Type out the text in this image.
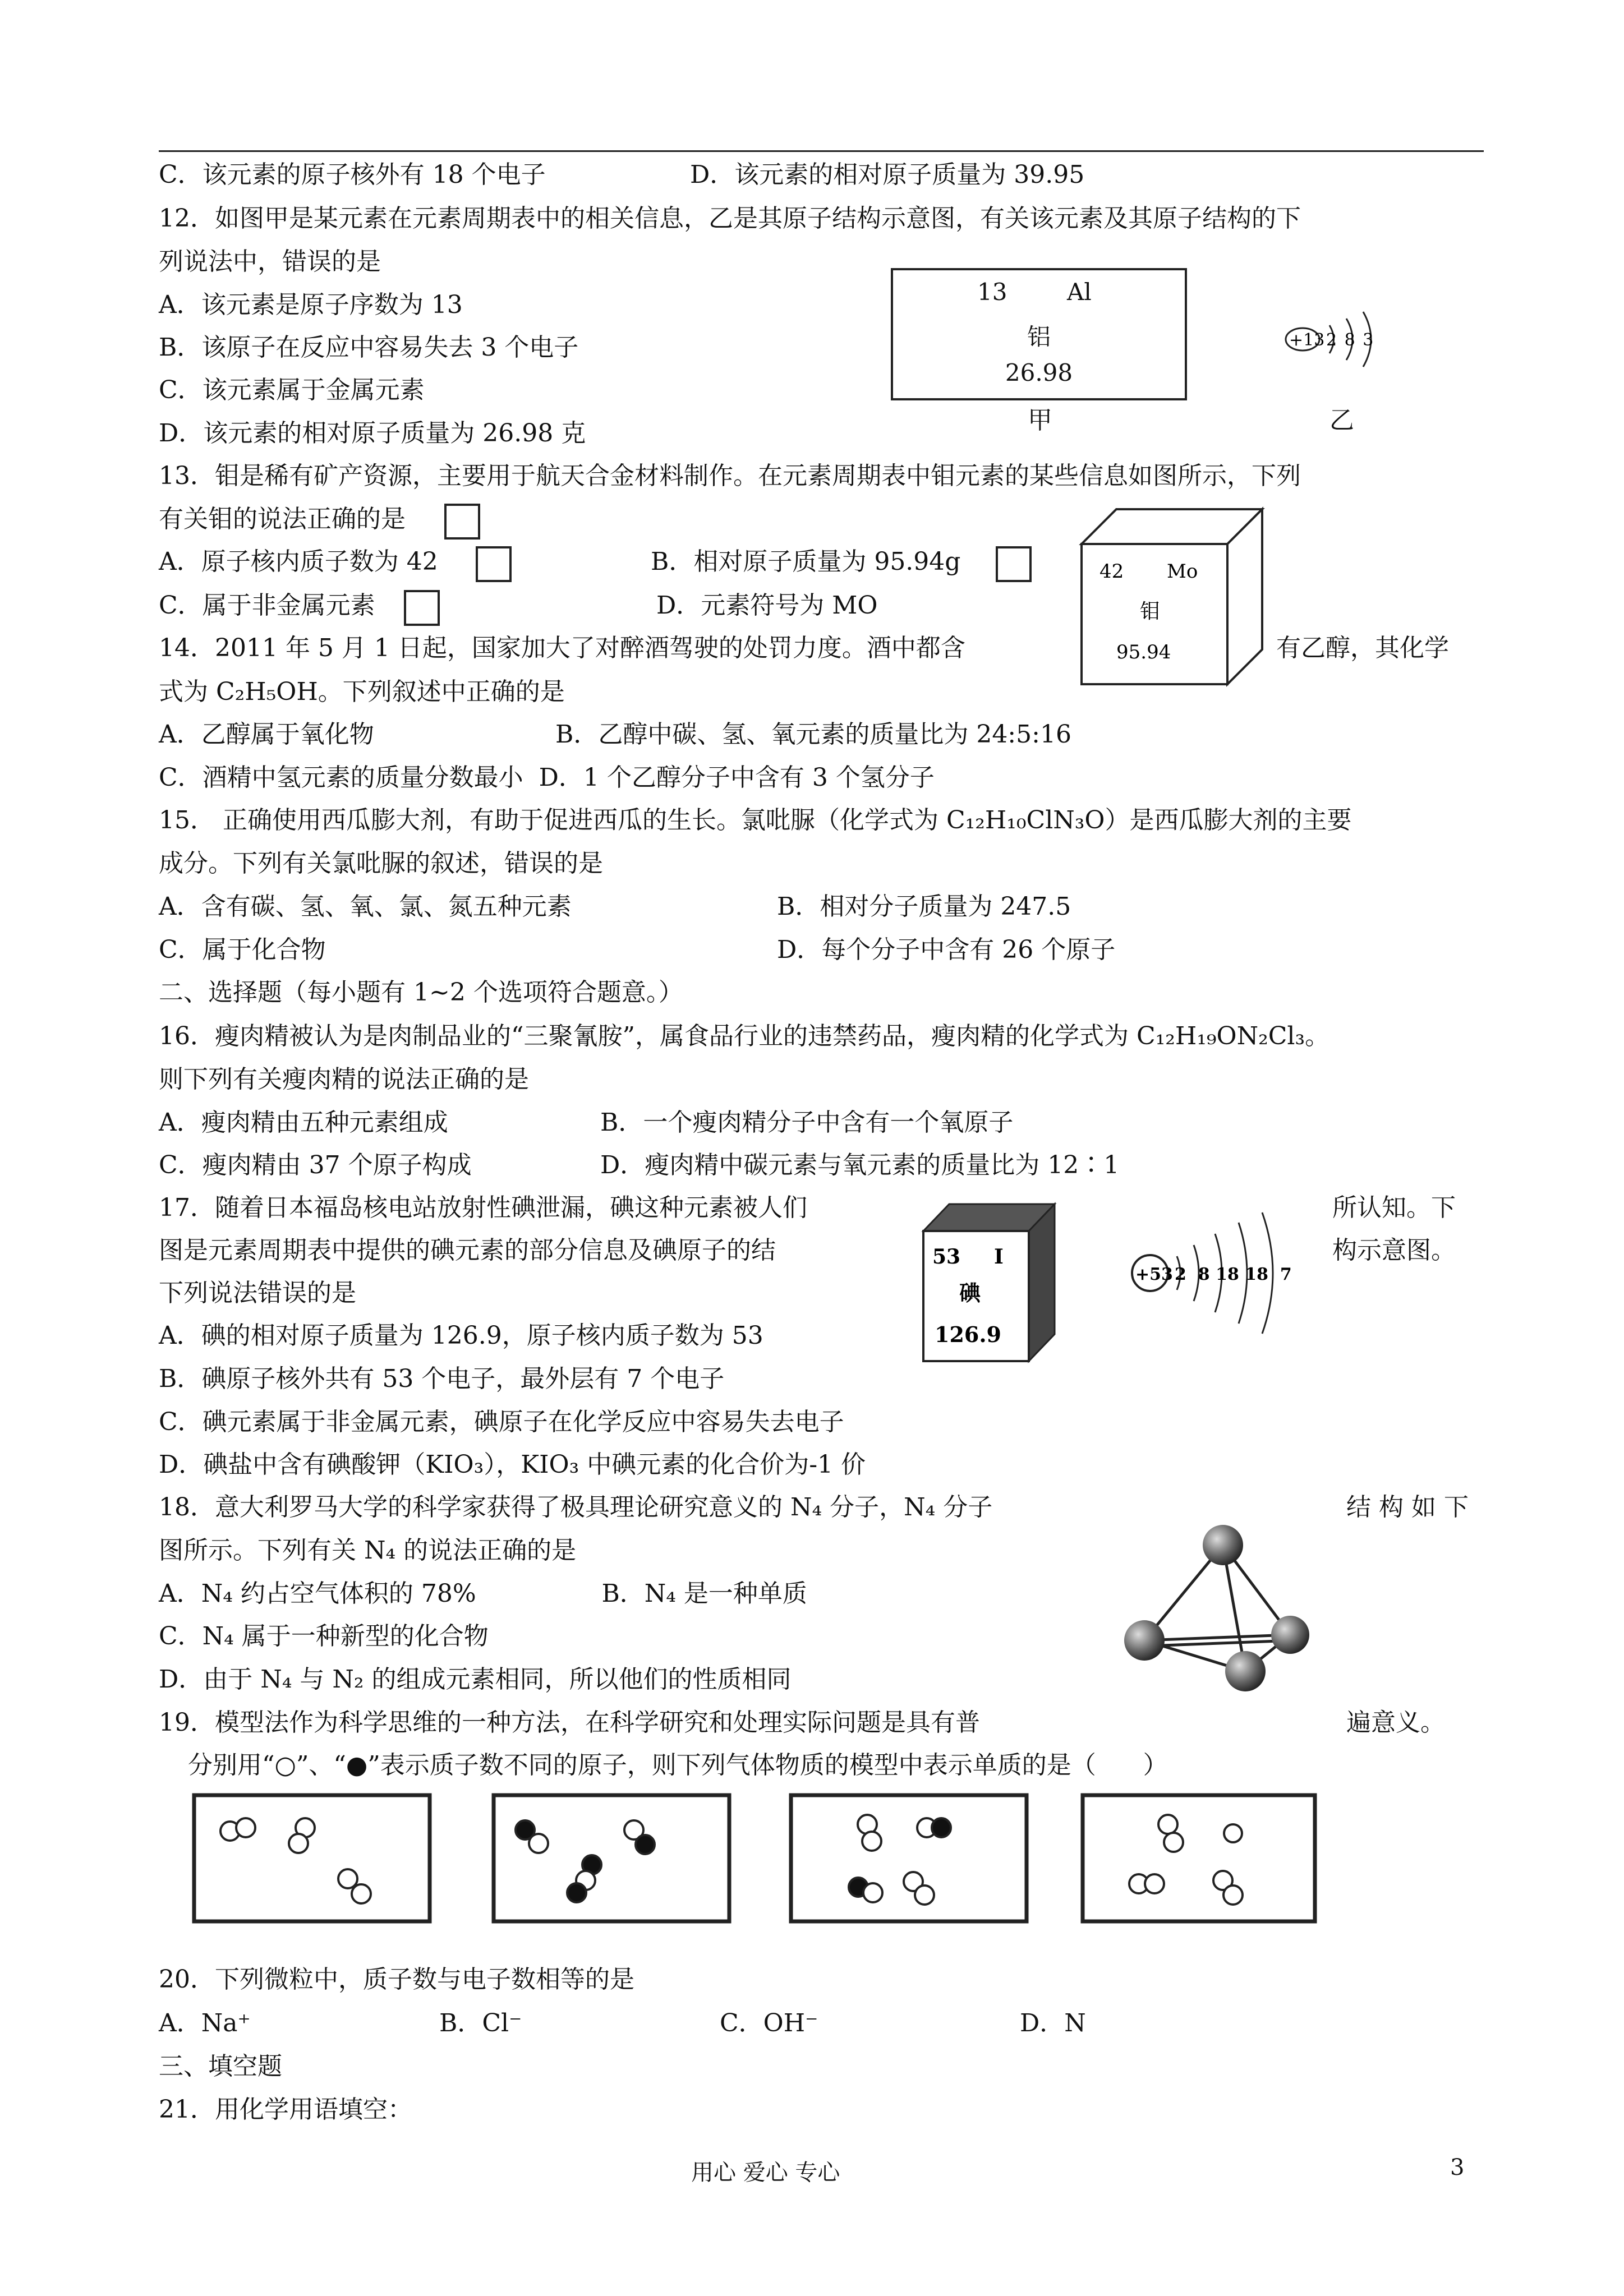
C．该元素的原子核外有 18 个电子	D．该元素的相对原子质量为 39.95
12．如图甲是某元素在元素周期表中的相关信息，乙是其原子结构示意图，有关该元素及其原子结构的下
列说法中，错误的是
A．该元素是原子序数为 13
B．该原子在反应中容易失去 3 个电子
C．该元素属于金属元素
D．该元素的相对原子质量为 26.98 克
13	Al
铝
26.98
甲	乙
+13 2 8 3
13．钼是稀有矿产资源，主要用于航天合金材料制作。在元素周期表中钼元素的某些信息如图所示，下列
有关钼的说法正确的是
A．原子核内质子数为 42	B．相对原子质量为 95.94g
C．属于非金属元素	D．元素符号为 MO
42 Mo
钼
95.94
14．2011 年 5 月 1 日起，国家加大了对醉酒驾驶的处罚力度。酒中都含	有乙醇，其化学
式为 C₂H₅OH。下列叙述中正确的是
A．乙醇属于氧化物	B．乙醇中碳、氢、氧元素的质量比为 24:5:16
C．酒精中氢元素的质量分数最小  D．1 个乙醇分子中含有 3 个氢分子
15． 正确使用西瓜膨大剂，有助于促进西瓜的生长。氯吡脲（化学式为 C₁₂H₁₀ClN₃O）是西瓜膨大剂的主要
成分。下列有关氯吡脲的叙述，错误的是
A．含有碳、氢、氧、氯、氮五种元素	B．相对分子质量为 247.5
C．属于化合物	D．每个分子中含有 26 个原子
二、选择题（每小题有 1~2 个选项符合题意。）
16．瘦肉精被认为是肉制品业的“三聚氰胺”，属食品行业的违禁药品，瘦肉精的化学式为 C₁₂H₁₉ON₂Cl₃。
则下列有关瘦肉精的说法正确的是
A．瘦肉精由五种元素组成	B．一个瘦肉精分子中含有一个氧原子
C．瘦肉精由 37 个原子构成	D．瘦肉精中碳元素与氧元素的质量比为 12∶1
17．随着日本福岛核电站放射性碘泄漏，碘这种元素被人们	所认知。下
图是元素周期表中提供的碘元素的部分信息及碘原子的结	构示意图。
下列说法错误的是
A．碘的相对原子质量为 126.9，原子核内质子数为 53
B．碘原子核外共有 53 个电子，最外层有 7 个电子
C．碘元素属于非金属元素，碘原子在化学反应中容易失去电子
D．碘盐中含有碘酸钾（KIO₃），KIO₃ 中碘元素的化合价为-1 价
53 I
碘
126.9
+53 2  8 18 18  7
18．意大利罗马大学的科学家获得了极具理论研究意义的 N₄ 分子，N₄ 分子	结 构 如 下
图所示。下列有关 N₄ 的说法正确的是
A．N₄ 约占空气体积的 78%                B．N₄ 是一种单质
C．N₄ 属于一种新型的化合物
D．由于 N₄ 与 N₂ 的组成元素相同，所以他们的性质相同
19．模型法作为科学思维的一种方法，在科学研究和处理实际问题是具有普	遍意义。
分别用“○”、“●”表示质子数不同的原子，则下列气体物质的模型中表示单质的是（      ）
20．下列微粒中，质子数与电子数相等的是
A．Na⁺	B．Cl⁻	C．OH⁻	D．N
三、填空题
21．用化学用语填空：
用心 爱心 专心	3
